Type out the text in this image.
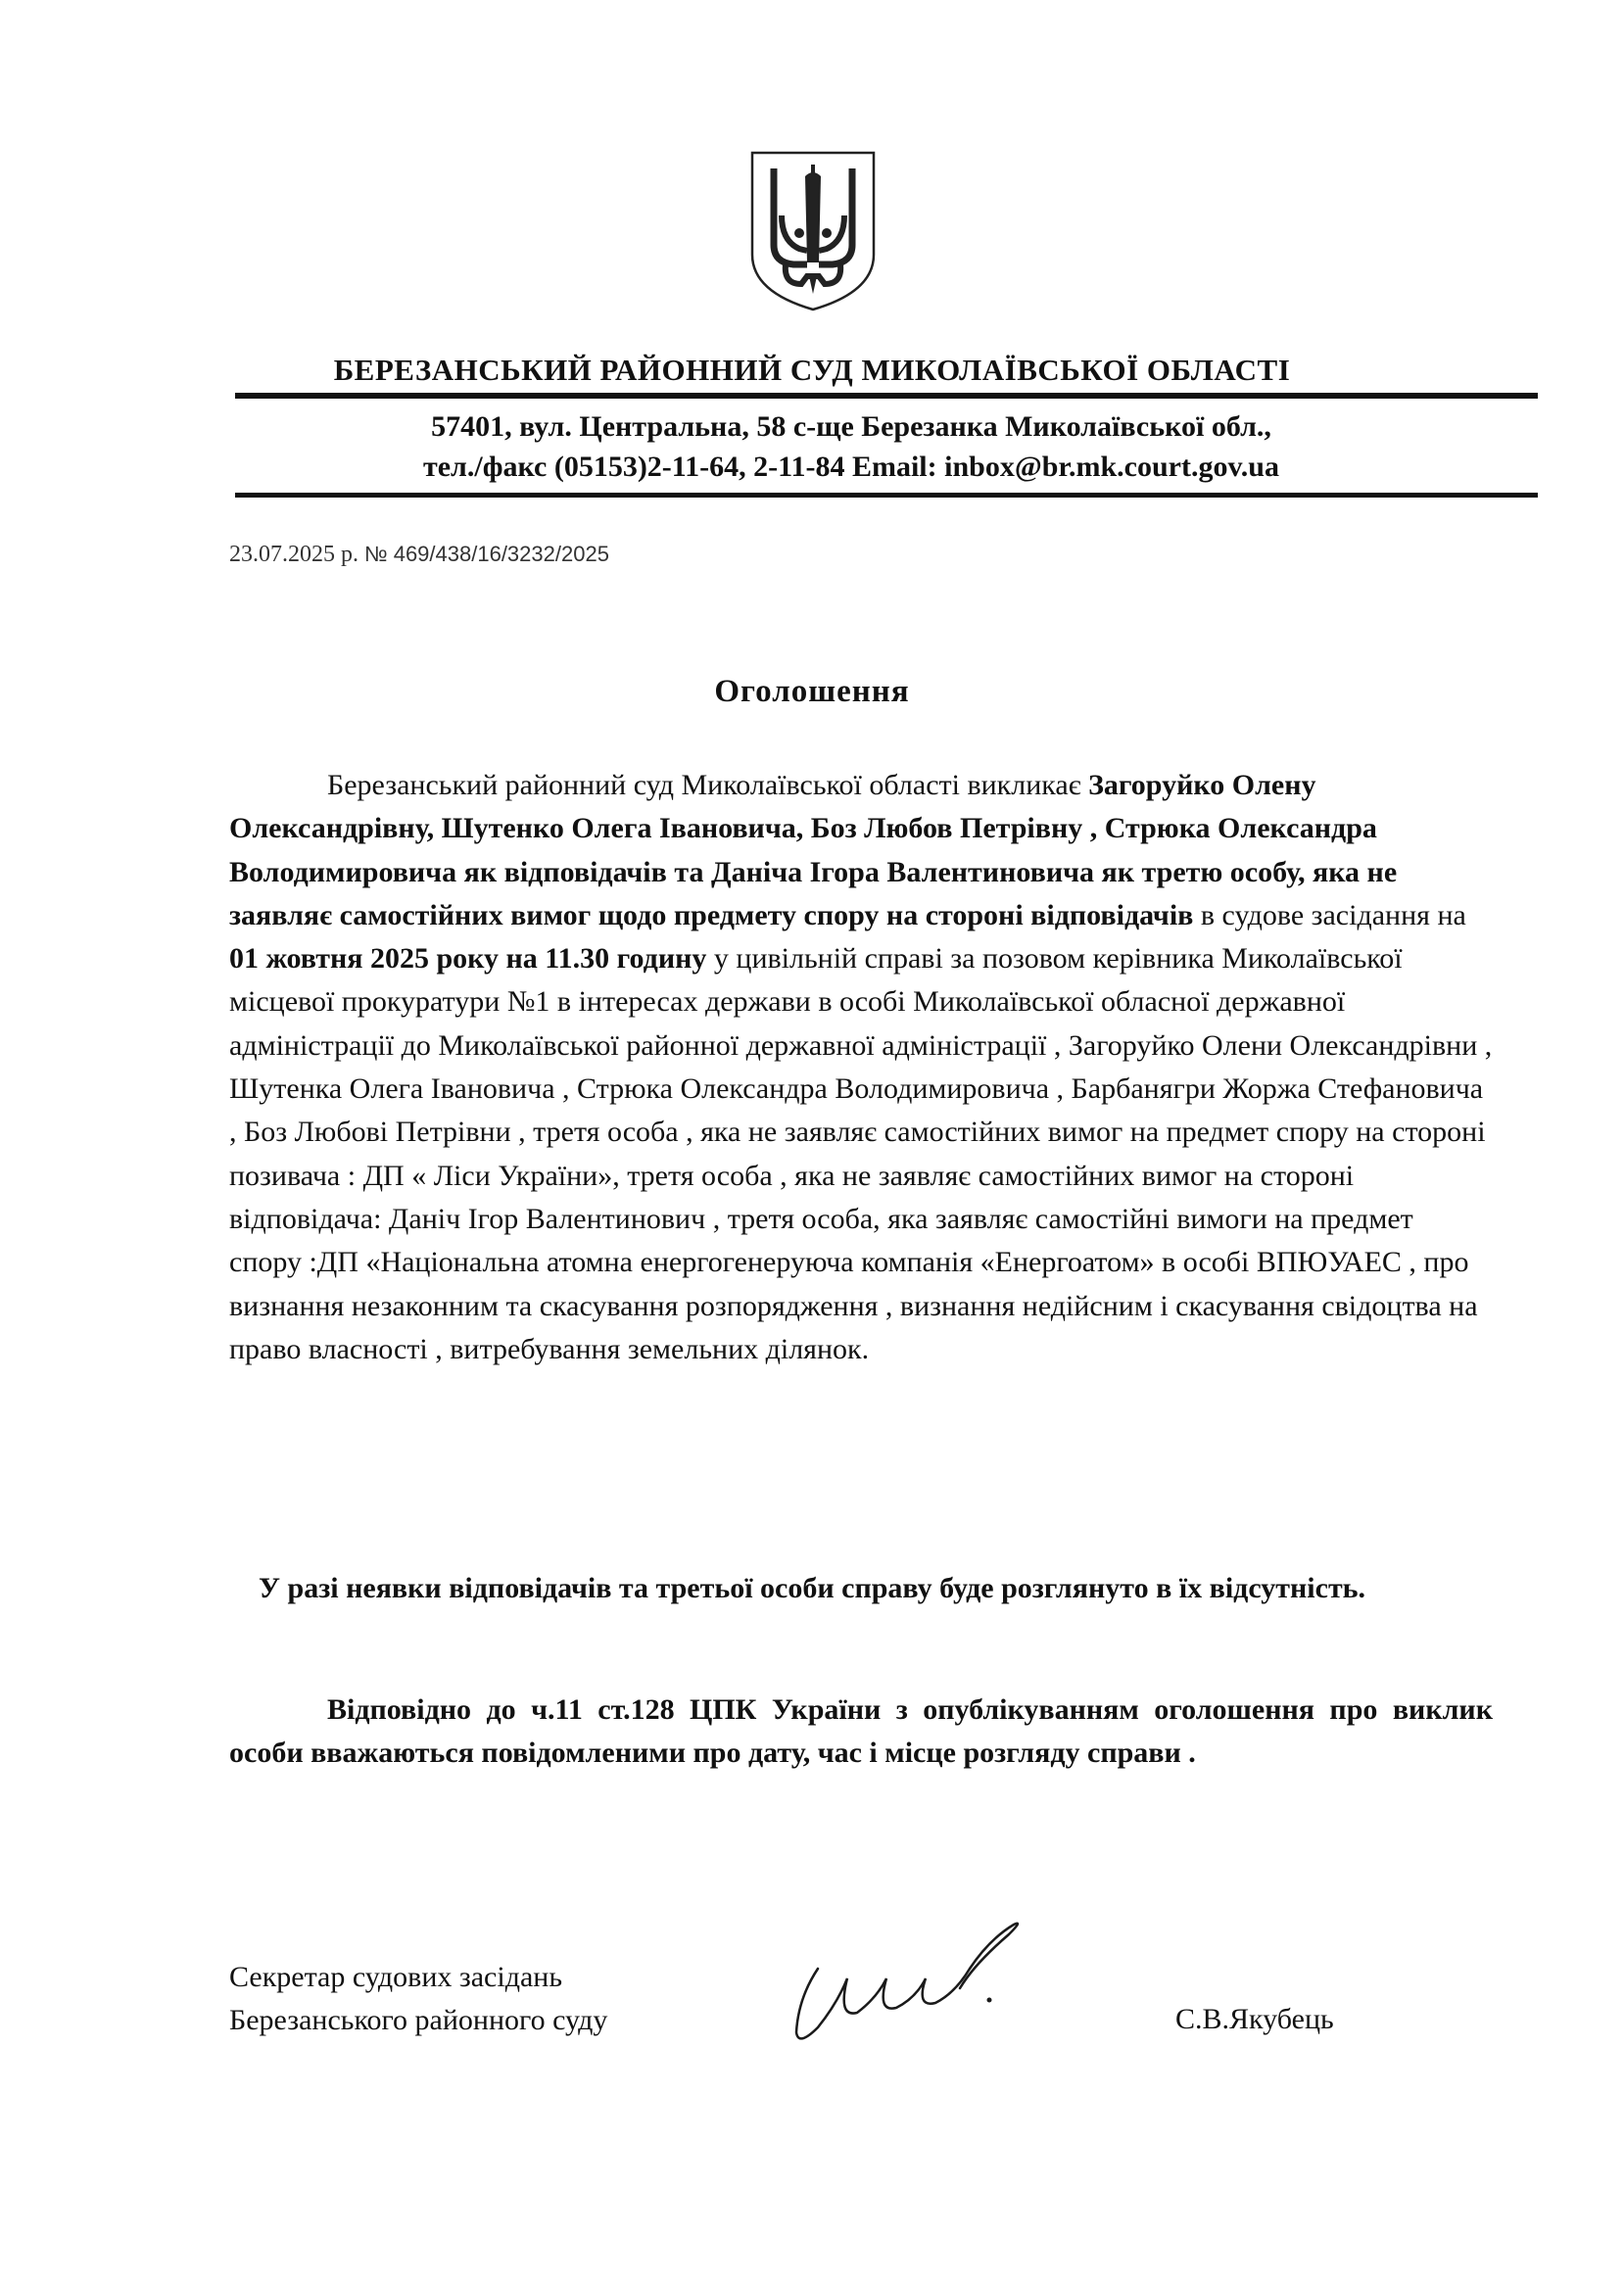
БЕРЕЗАНСЬКИЙ РАЙОННИЙ СУД МИКОЛАЇВСЬКОЇ ОБЛАСТІ
57401, вул. Центральна, 58 с-ще Березанка Миколаївської обл.,
тел./факс (05153)2-11-64, 2-11-84 Email: inbox@br.mk.court.gov.ua
23.07.2025 р. № 469/438/16/3232/2025
Оголошення

Березанський районний суд Миколаївської області викликає Загоруйко Олену Олександрівну, Шутенко Олега Івановича, Боз Любов Петрівну , Стрюка Олександра Володимировича як відповідачів та Даніча Ігора Валентиновича як третю особу, яка не заявляє самостійних вимог щодо предмету спору на стороні відповідачів в судове засідання на 01 жовтня 2025 року на 11.30 годину у цивільній справі за позовом керівника Миколаївської місцевої прокуратури №1 в інтересах держави в особі Миколаївської обласної державної адміністрації до Миколаївської районної державної адміністрації , Загоруйко Олени Олександрівни , Шутенка Олега Івановича , Стрюка Олександра Володимировича , Барбанягри Жоржа Стефановича , Боз Любові Петрівни , третя особа , яка не заявляє самостійних вимог на предмет спору на стороні позивача : ДП « Ліси України», третя особа , яка не заявляє самостійних вимог на стороні відповідача: Даніч Ігор Валентинович , третя особа, яка заявляє самостійні вимоги на предмет спору :ДП «Національна атомна енергогенеруюча компанія «Енергоатом» в особі ВПЮУАЕС , про визнання незаконним та скасування розпорядження , визнання недійсним і скасування свідоцтва на право власності , витребування земельних ділянок.

У разі неявки відповідачів та третьої особи справу буде розглянуто в їх відсутність.
Відповідно до ч.11 ст.128 ЦПК України з опублікуванням оголошення про виклик особи вважаються повідомленими про дату, час і місце розгляду справи .
Секретар судових засідань
Березанського районного суду	С.В.Якубець
